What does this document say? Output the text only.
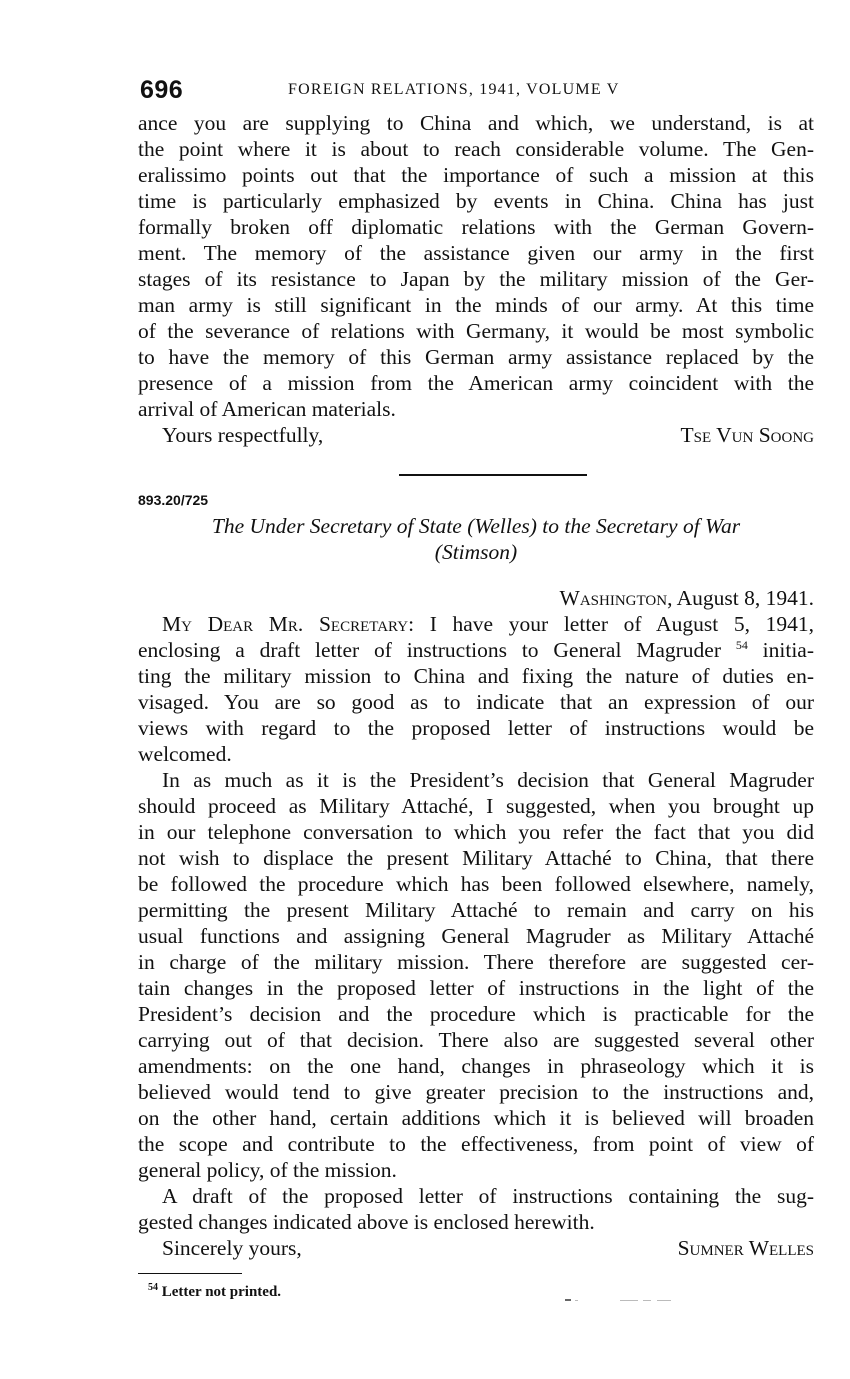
696	FOREIGN RELATIONS, 1941, VOLUME V
ance you are supplying to China and which, we understand, is at
the point where it is about to reach considerable volume. The Gen-
eralissimo points out that the importance of such a mission at this
time is particularly emphasized by events in China. China has just
formally broken off diplomatic relations with the German Govern-
ment. The memory of the assistance given our army in the first
stages of its resistance to Japan by the military mission of the Ger-
man army is still significant in the minds of our army. At this time
of the severance of relations with Germany, it would be most symbolic
to have the memory of this German army assistance replaced by the
presence of a mission from the American army coincident with the
arrival of American materials.
Yours respectfully,	Tse Vun Soong
893.20/725
The Under Secretary of State (Welles) to the Secretary of War
(Stimson)
Washington, August 8, 1941.
My Dear Mr. Secretary: I have your letter of August 5, 1941,
enclosing a draft letter of instructions to General Magruder $^{54}$ initia-
ting the military mission to China and fixing the nature of duties en-
visaged. You are so good as to indicate that an expression of our
views with regard to the proposed letter of instructions would be
welcomed.
In as much as it is the President’s decision that General Magruder
should proceed as Military Attaché, I suggested, when you brought up
in our telephone conversation to which you refer the fact that you did
not wish to displace the present Military Attaché to China, that there
be followed the procedure which has been followed elsewhere, namely,
permitting the present Military Attaché to remain and carry on his
usual functions and assigning General Magruder as Military Attaché
in charge of the military mission. There therefore are suggested cer-
tain changes in the proposed letter of instructions in the light of the
President’s decision and the procedure which is practicable for the
carrying out of that decision. There also are suggested several other
amendments: on the one hand, changes in phraseology which it is
believed would tend to give greater precision to the instructions and,
on the other hand, certain additions which it is believed will broaden
the scope and contribute to the effectiveness, from point of view of
general policy, of the mission.
A draft of the proposed letter of instructions containing the sug-
gested changes indicated above is enclosed herewith.
Sincerely yours,	Sumner Welles
$^{54}$ Letter not printed.
